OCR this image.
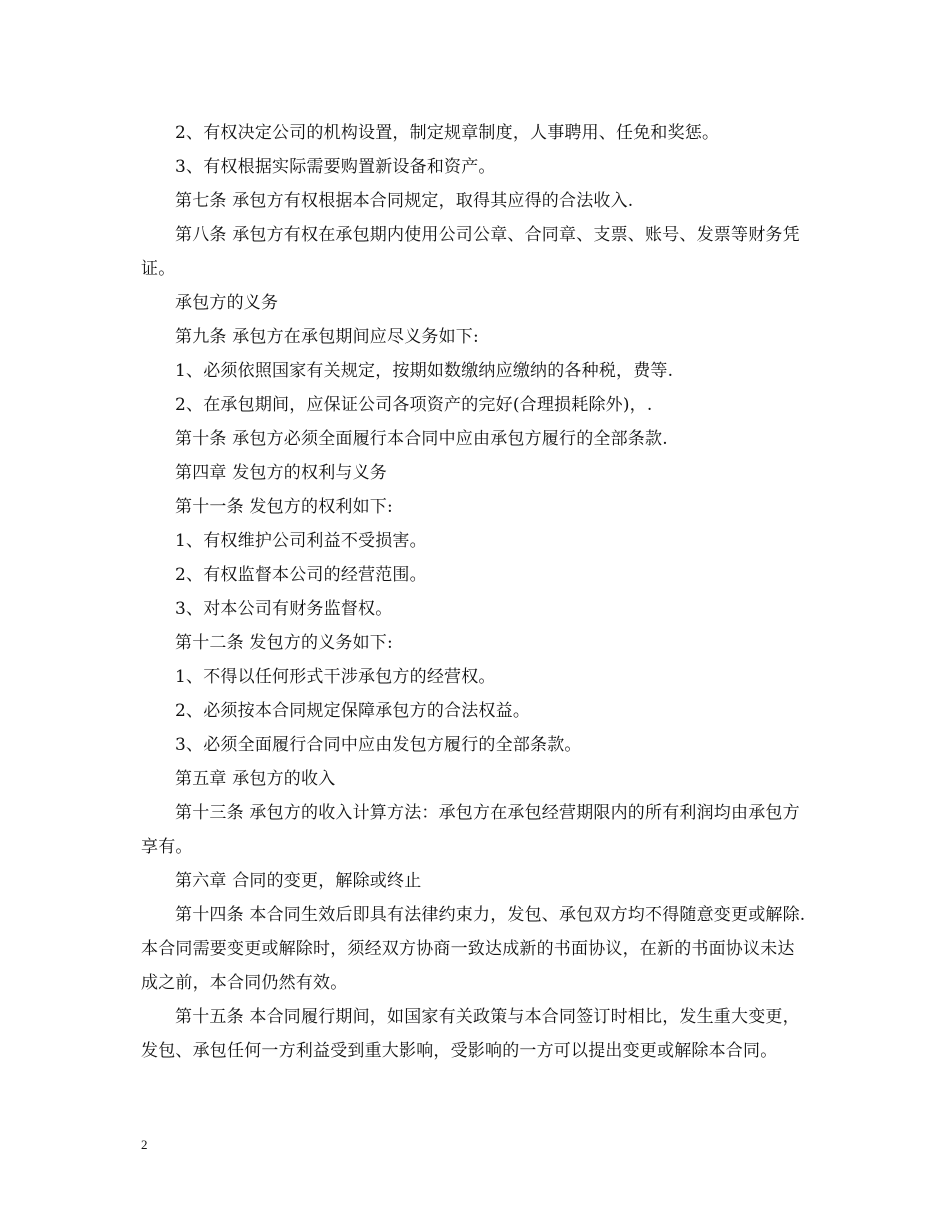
2、有权决定公司的机构设置，制定规章制度，人事聘用、任免和奖惩。

3、有权根据实际需要购置新设备和资产。

第七条 承包方有权根据本合同规定，取得其应得的合法收入.

第八条 承包方有权在承包期内使用公司公章、合同章、支票、账号、发票等财务凭证。

承包方的义务

第九条 承包方在承包期间应尽义务如下:

1、必须依照国家有关规定，按期如数缴纳应缴纳的各种税，费等.

2、在承包期间，应保证公司各项资产的完好(合理损耗除外)，.

第十条 承包方必须全面履行本合同中应由承包方履行的全部条款.

第四章 发包方的权利与义务

第十一条 发包方的权利如下:

1、有权维护公司利益不受损害。

2、有权监督本公司的经营范围。

3、对本公司有财务监督权。

第十二条 发包方的义务如下:

1、不得以任何形式干涉承包方的经营权。

2、必须按本合同规定保障承包方的合法权益。

3、必须全面履行合同中应由发包方履行的全部条款。

第五章 承包方的收入

第十三条 承包方的收入计算方法：承包方在承包经营期限内的所有利润均由承包方享有。

第六章 合同的变更，解除或终止

第十四条 本合同生效后即具有法律约束力，发包、承包双方均不得随意变更或解除.本合同需要变更或解除时，须经双方协商一致达成新的书面协议，在新的书面协议未达成之前，本合同仍然有效。

第十五条 本合同履行期间，如国家有关政策与本合同签订时相比，发生重大变更，发包、承包任何一方利益受到重大影响，受影响的一方可以提出变更或解除本合同。

2
